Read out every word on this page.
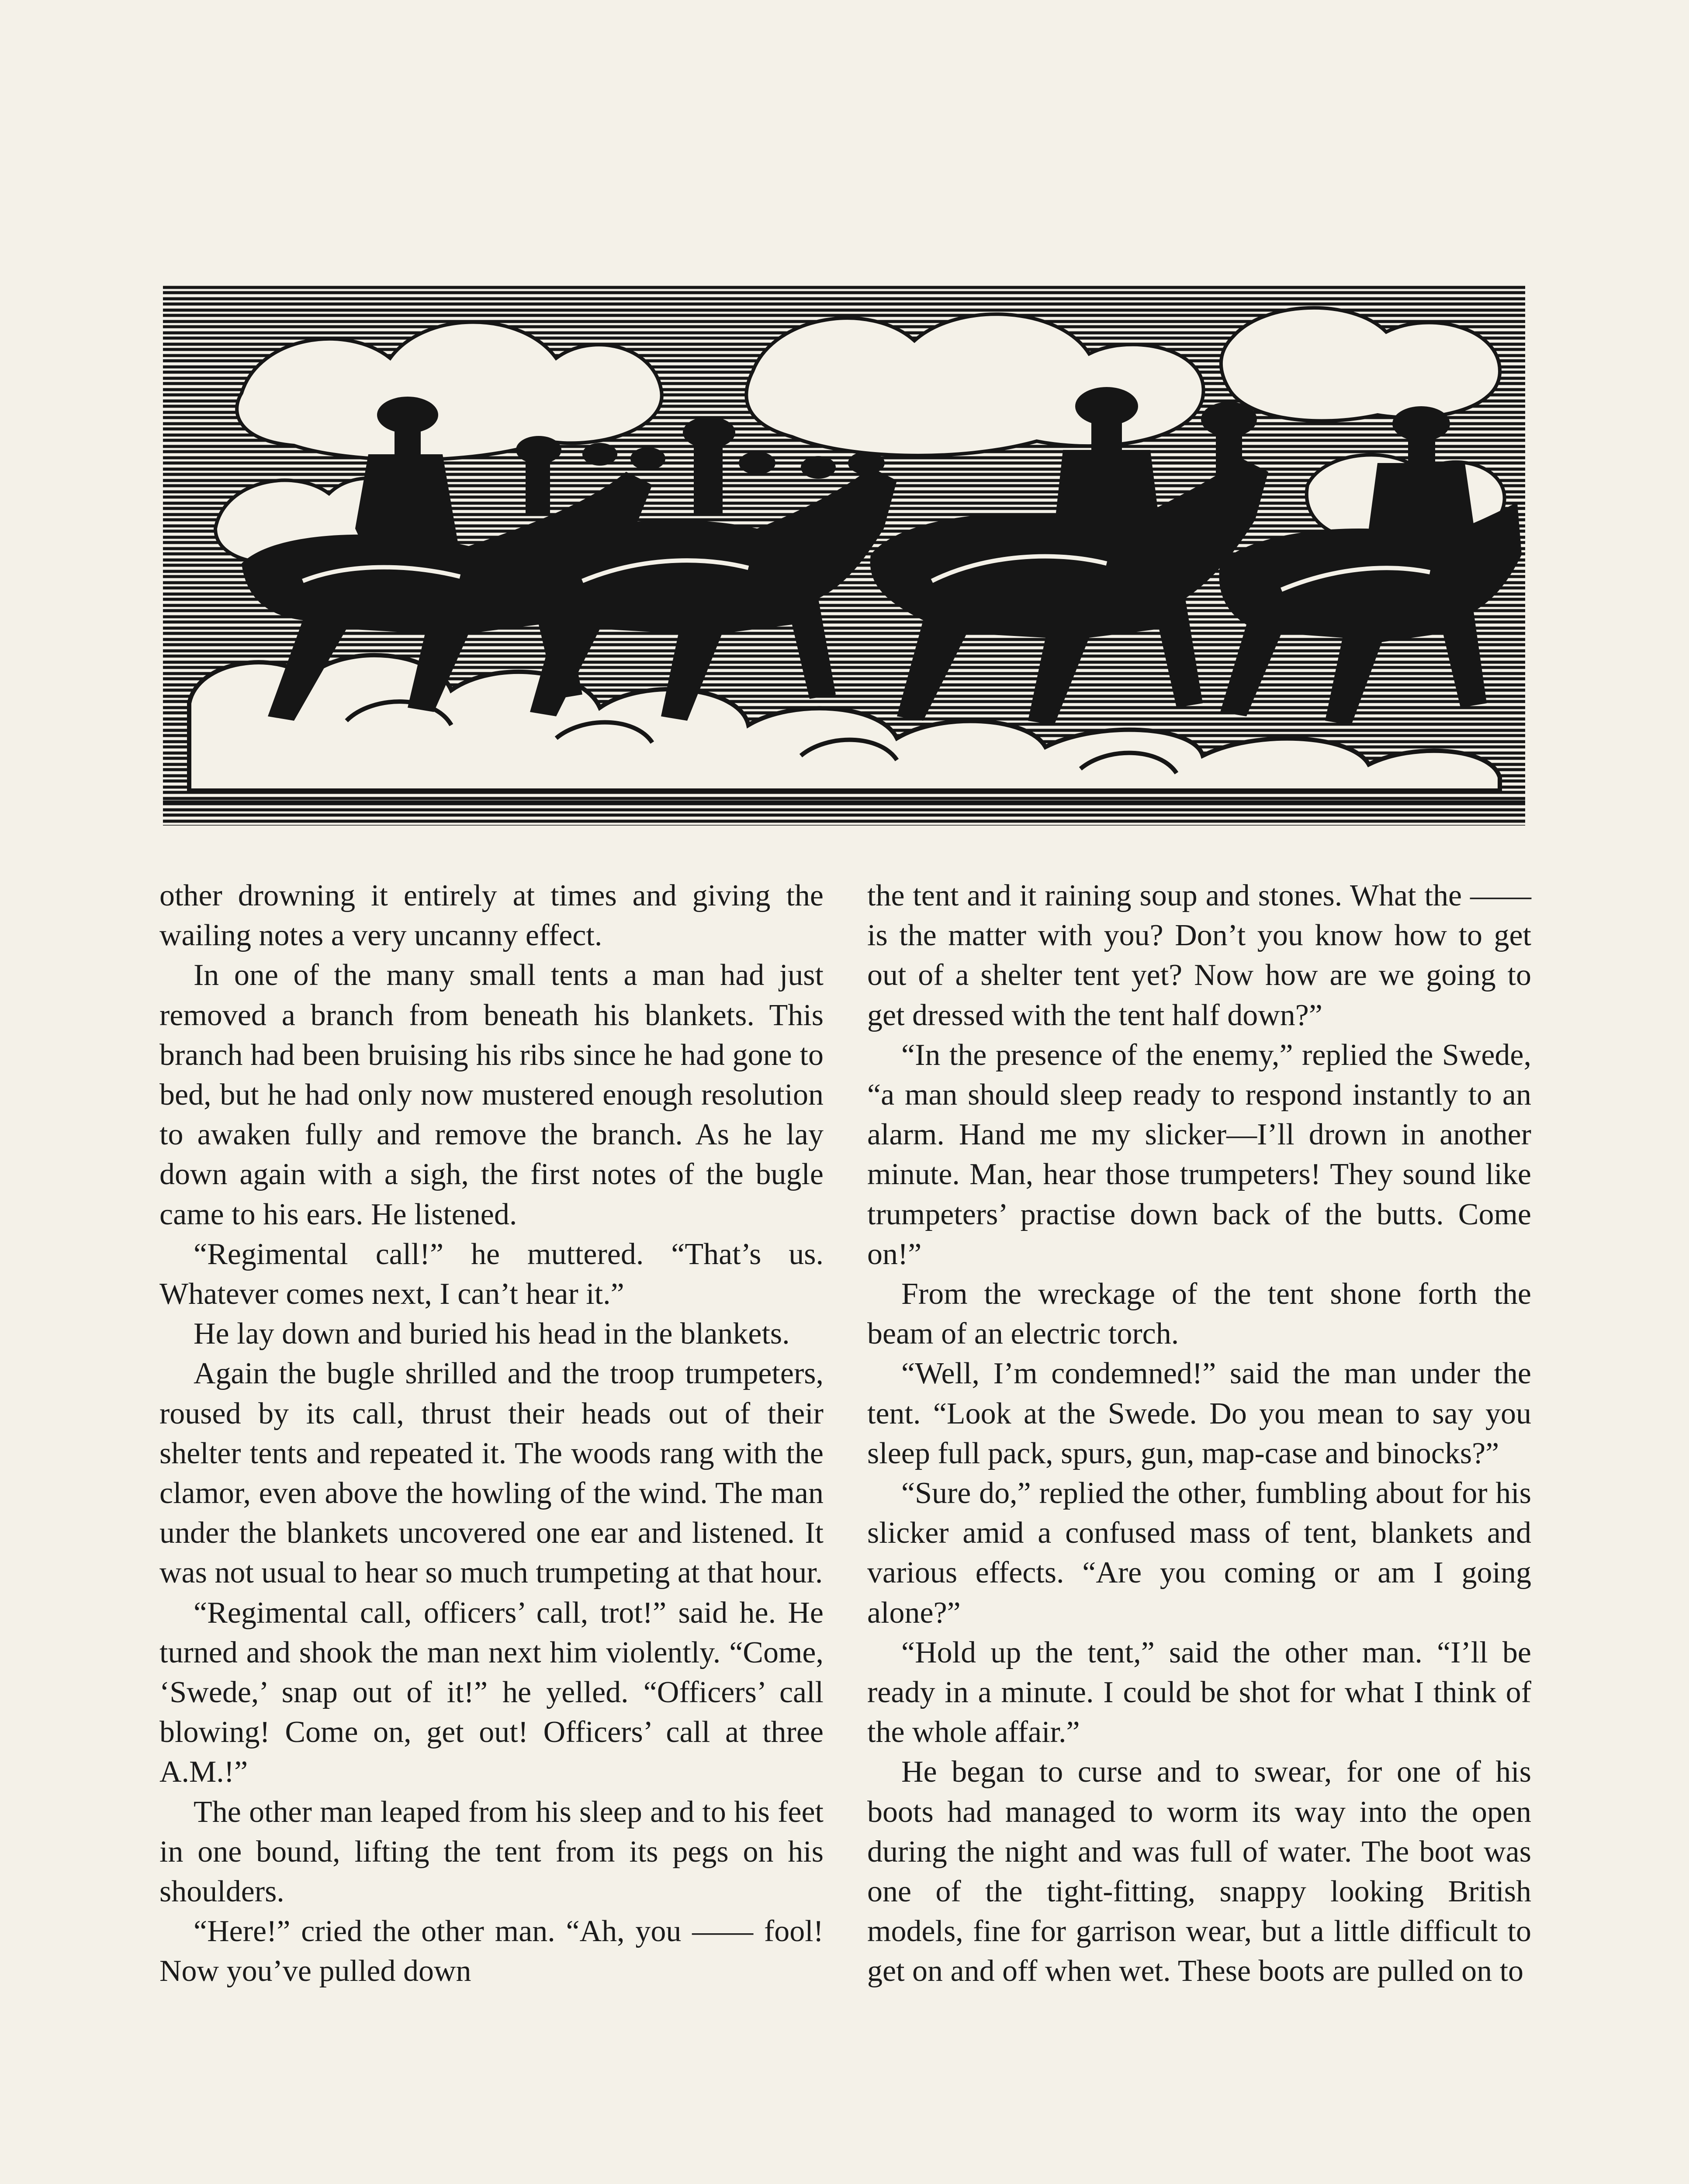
other drowning it entirely at times and giving the wailing notes a very uncanny effect.

In one of the many small tents a man had just removed a branch from beneath his blankets. This branch had been bruising his ribs since he had gone to bed, but he had only now mustered enough resolution to awaken fully and remove the branch. As he lay down again with a sigh, the first notes of the bugle came to his ears. He listened.

“Regimental call!” he muttered. “That’s us. Whatever comes next, I can’t hear it.”

He lay down and buried his head in the blankets.

Again the bugle shrilled and the troop trumpeters, roused by its call, thrust their heads out of their shelter tents and repeated it. The woods rang with the clamor, even above the howling of the wind. The man under the blankets uncovered one ear and listened. It was not usual to hear so much trumpeting at that hour.

“Regimental call, officers’ call, trot!” said he. He turned and shook the man next him violently. “Come, ‘Swede,’ snap out of it!” he yelled. “Officers’ call blowing! Come on, get out! Officers’ call at three A.M.!”

The other man leaped from his sleep and to his feet in one bound, lifting the tent from its pegs on his shoulders.

“Here!” cried the other man. “Ah, you —— fool! Now you’ve pulled down

the tent and it raining soup and stones. What the —— is the matter with you? Don’t you know how to get out of a shelter tent yet? Now how are we going to get dressed with the tent half down?”

“In the presence of the enemy,” replied the Swede, “a man should sleep ready to respond instantly to an alarm. Hand me my slicker—I’ll drown in another minute. Man, hear those trumpeters! They sound like trumpeters’ practise down back of the butts. Come on!”

From the wreckage of the tent shone forth the beam of an electric torch.

“Well, I’m condemned!” said the man under the tent. “Look at the Swede. Do you mean to say you sleep full pack, spurs, gun, map-case and binocks?”

“Sure do,” replied the other, fumbling about for his slicker amid a confused mass of tent, blankets and various effects. “Are you coming or am I going alone?”

“Hold up the tent,” said the other man. “I’ll be ready in a minute. I could be shot for what I think of the whole affair.”

He began to curse and to swear, for one of his boots had managed to worm its way into the open during the night and was full of water. The boot was one of the tight-fitting, snappy looking British models, fine for garrison wear, but a little difficult to get on and off when wet. These boots are pulled on to
